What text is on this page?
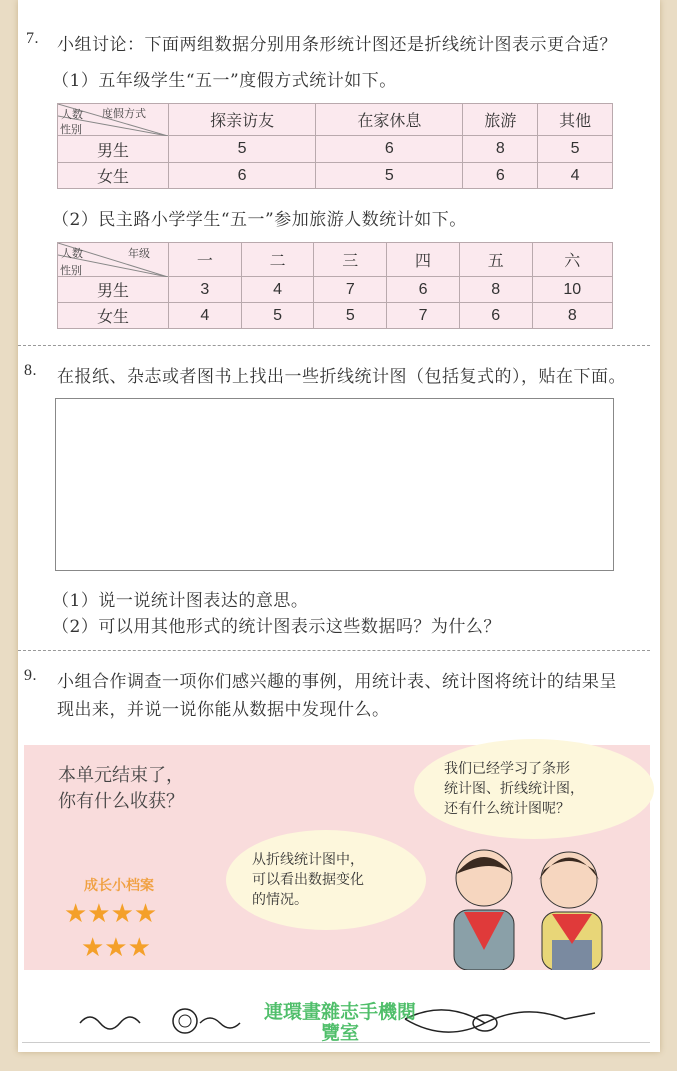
7. 小组讨论：下面两组数据分别用条形统计图还是折线统计图表示更合适？
（1）五年级学生“五一”度假方式统计如下。
度假方式
人数
性别	探亲访友	在家休息	旅游	其他
男生	5	6	8	5
女生	6	5	6	4
（2）民主路小学学生“五一”参加旅游人数统计如下。
年级
人数
性别	一	二	三	四	五	六
男生	3	4	7	6	8	10
女生	4	5	5	7	6	8
8. 在报纸、杂志或者图书上找出一些折线统计图（包括复式的），贴在下面。
（1）说一说统计图表达的意思。
（2）可以用其他形式的统计图表示这些数据吗？为什么？
9. 小组合作调查一项你们感兴趣的事例，用统计表、统计图将统计的结果呈
现出来，并说一说你能从数据中发现什么。
本单元结束了，
你有什么收获？
我们已经学习了条形
统计图、折线统计图，
还有什么统计图呢？
从折线统计图中，
可以看出数据变化
的情况。
成长小档案
★★★★
★★★
連環畫雜志手機閱
覽室
